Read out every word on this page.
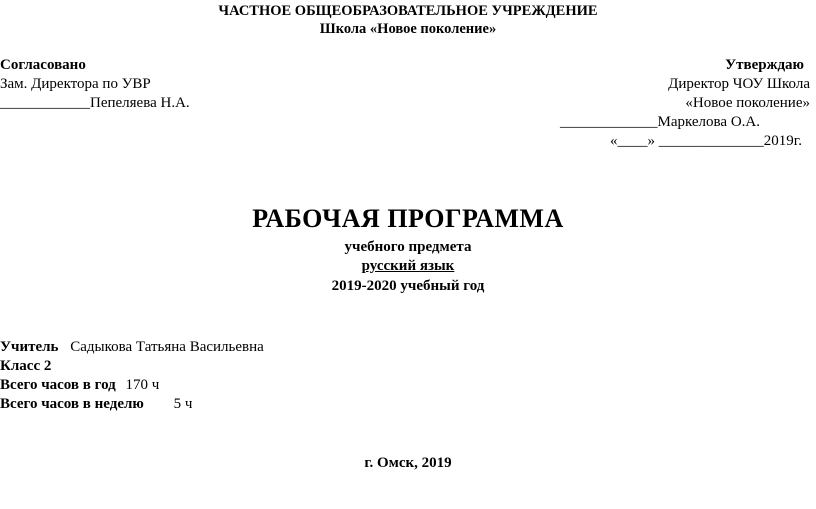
ЧАСТНОЕ ОБЩЕОБРАЗОВАТЕЛЬНОЕ УЧРЕЖДЕНИЕ
Школа «Новое поколение»
Согласовано
Зам. Директора по УВР
____________Пепеляева Н.А.
Утверждаю
Директор ЧОУ Школа
«Новое поколение»
_____________Маркелова О.А.
«____» ______________2019г.
РАБОЧАЯ ПРОГРАММА
учебного предмета
русский язык
2019-2020 учебный год
Учитель Садыкова Татьяна Васильевна
Класс 2
Всего часов в год 170 ч
Всего часов в неделю 5 ч
г. Омск, 2019
